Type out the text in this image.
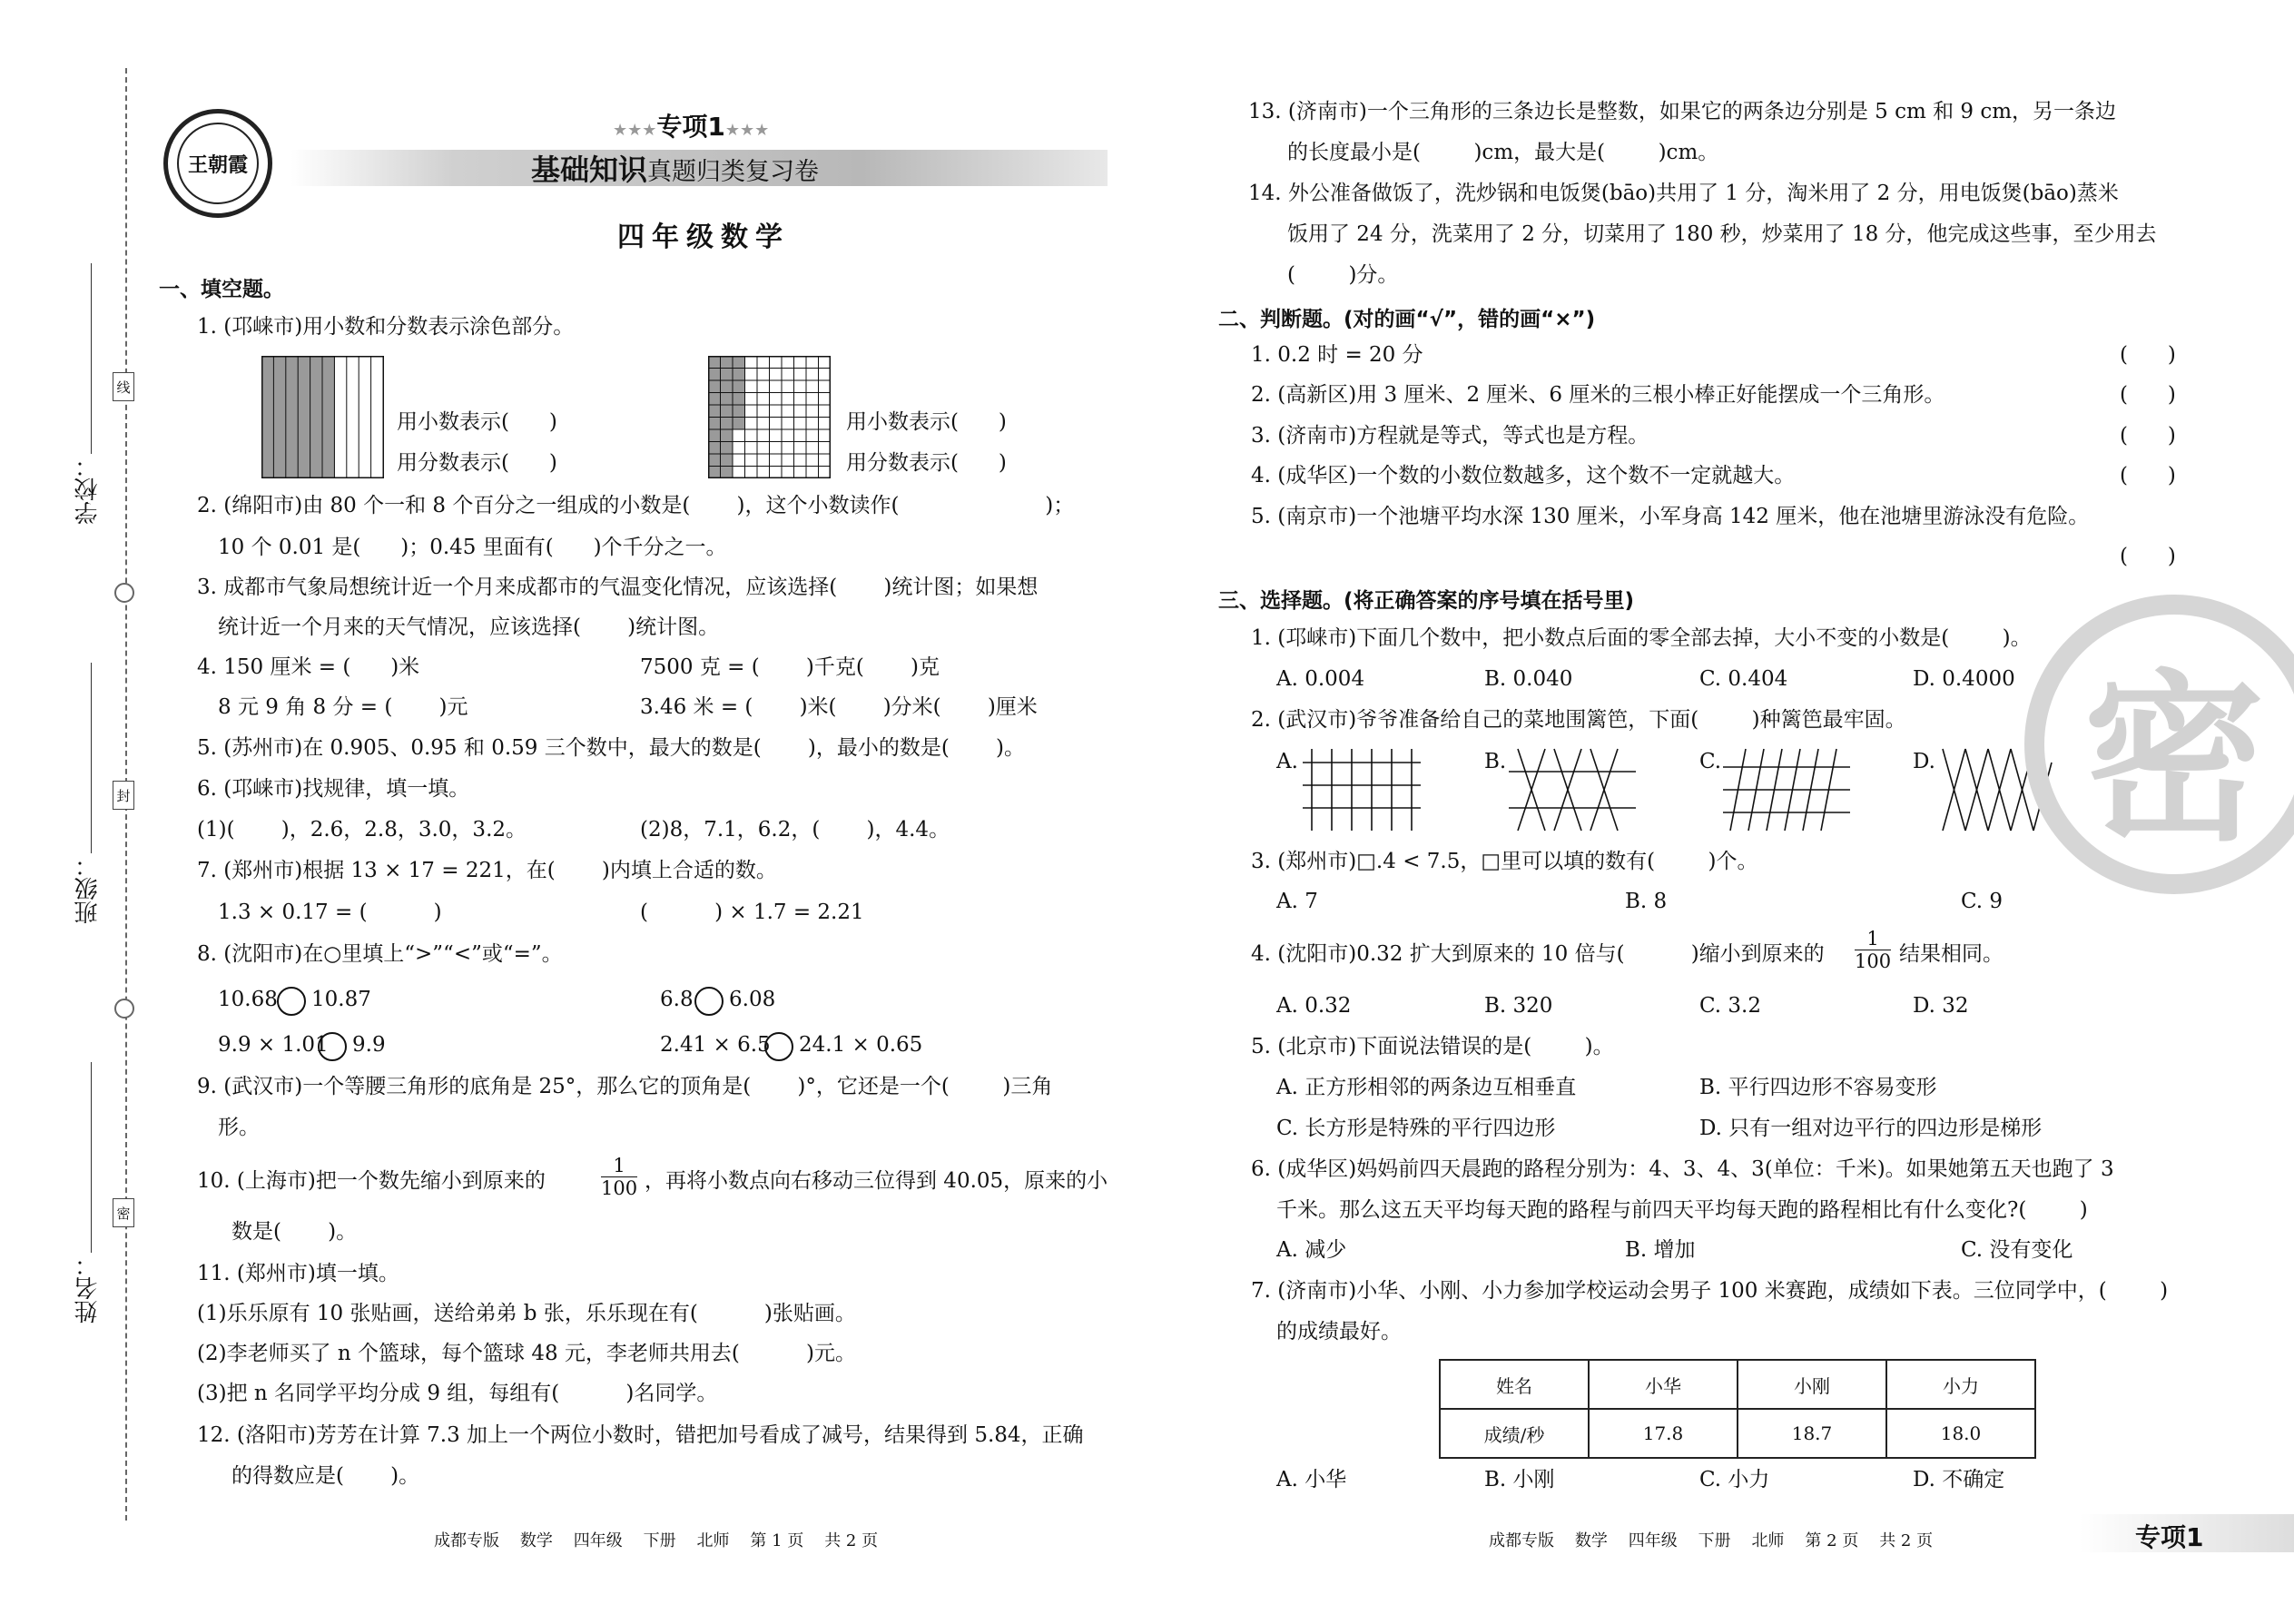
学校：
班级：
姓名：
线
封
密
王朝霞
★★★专项1★★★
基础知识真题归类复习卷
四年级数学
一、填空题。
1. (邛崃市)用小数和分数表示涂色部分。
用小数表示(      )
用分数表示(      )
用小数表示(      )
用分数表示(      )
2. (绵阳市)由 80 个一和 8 个百分之一组成的小数是(       )，这个小数读作(                      )；
10 个 0.01 是(      )；0.45 里面有(      )个千分之一。
3. 成都市气象局想统计近一个月来成都市的气温变化情况，应该选择(       )统计图；如果想
统计近一个月来的天气情况，应该选择(       )统计图。
4. 150 厘米 = (      )米	7500 克 = (       )千克(       )克
8 元 9 角 8 分 = (       )元	3.46 米 = (       )米(       )分米(       )厘米
5. (苏州市)在 0.905、0.95 和 0.59 三个数中，最大的数是(       )，最小的数是(       )。
6. (邛崃市)找规律，填一填。
(1)(       )，2.6，2.8，3.0，3.2。	(2)8，7.1，6.2，(       )，4.4。
7. (郑州市)根据 13 × 17 = 221，在(       )内填上合适的数。
1.3 × 0.17 = (          )	(          ) × 1.7 = 2.21
8. (沈阳市)在○里填上“>”“<”或“=”。
10.68 10.87	6.8 6.08
9.9 × 1.01 9.9	2.41 × 6.5 24.1 × 0.65
9. (武汉市)一个等腰三角形的底角是 25°，那么它的顶角是(       )°，它还是一个(        )三角
形。
10. (上海市)把一个数先缩小到原来的
1
100 ，再将小数点向右移动三位得到 40.05，原来的小
数是(       )。
11. (郑州市)填一填。
(1)乐乐原有 10 张贴画，送给弟弟 b 张，乐乐现在有(          )张贴画。
(2)李老师买了 n 个篮球，每个篮球 48 元，李老师共用去(          )元。
(3)把 n 名同学平均分成 9 组，每组有(          )名同学。
12. (洛阳市)芳芳在计算 7.3 加上一个两位小数时，错把加号看成了减号，结果得到 5.84，正确
的得数应是(       )。
成都专版    数学    四年级    下册    北师    第 1 页    共 2 页
13. (济南市)一个三角形的三条边长是整数，如果它的两条边分别是 5 cm 和 9 cm，另一条边
的长度最小是(        )cm，最大是(        )cm。
14. 外公准备做饭了，洗炒锅和电饭煲(bāo)共用了 1 分，淘米用了 2 分，用电饭煲(bāo)蒸米
饭用了 24 分，洗菜用了 2 分，切菜用了 180 秒，炒菜用了 18 分，他完成这些事，至少用去
(        )分。
二、判断题。(对的画“√”，错的画“×”)
1. 0.2 时 = 20 分	(      )
2. (高新区)用 3 厘米、2 厘米、6 厘米的三根小棒正好能摆成一个三角形。	(      )
3. (济南市)方程就是等式，等式也是方程。	(      )
4. (成华区)一个数的小数位数越多，这个数不一定就越大。	(      )
5. (南京市)一个池塘平均水深 130 厘米，小军身高 142 厘米，他在池塘里游泳没有危险。
(      )
三、选择题。(将正确答案的序号填在括号里)
1. (邛崃市)下面几个数中，把小数点后面的零全部去掉，大小不变的小数是(        )。
A. 0.004	B. 0.040	C. 0.404	D. 0.4000
2. (武汉市)爷爷准备给自己的菜地围篱笆，下面(        )种篱笆最牢固。
A.	B.	C.	D.
3. (郑州市)□.4 < 7.5，□里可以填的数有(        )个。
A. 7	B. 8	C. 9
4. (沈阳市)0.32 扩大到原来的 10 倍与(          )缩小到原来的
1
100 结果相同。
A. 0.32	B. 320	C. 3.2	D. 32
5. (北京市)下面说法错误的是(        )。
A. 正方形相邻的两条边互相垂直	B. 平行四边形不容易变形
C. 长方形是特殊的平行四边形	D. 只有一组对边平行的四边形是梯形
6. (成华区)妈妈前四天晨跑的路程分别为：4、3、4、3(单位：千米)。如果她第五天也跑了 3
千米。那么这五天平均每天跑的路程与前四天平均每天跑的路程相比有什么变化?(        )
A. 减少	B. 增加	C. 没有变化
7. (济南市)小华、小刚、小力参加学校运动会男子 100 米赛跑，成绩如下表。三位同学中，(        )
的成绩最好。
姓名	小华	小刚	小力
成绩/秒	17.8	18.7	18.0
A. 小华	B. 小刚	C. 小力	D. 不确定
成都专版    数学    四年级    下册    北师    第 2 页    共 2 页	专项1
密
